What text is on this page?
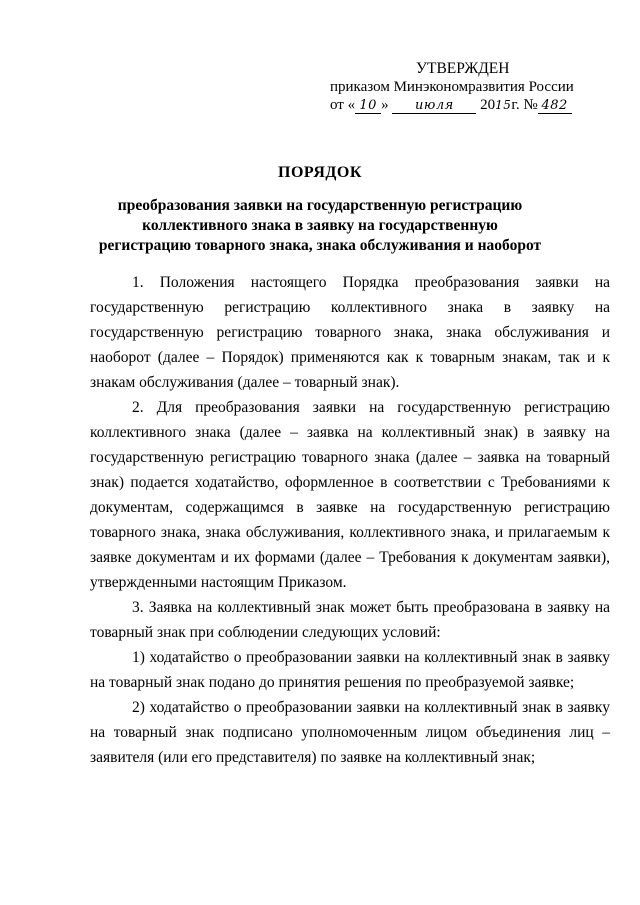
УТВЕРЖДЕН
приказом Минэкономразвития России
от « 10 » июля 2015г. № 482
ПОРЯДОК
преобразования заявки на государственную регистрацию коллективного знака в заявку на государственную регистрацию товарного знака, знака обслуживания и наоборот

1. Положения настоящего Порядка преобразования заявки на государственную регистрацию коллективного знака в заявку на государственную регистрацию товарного знака, знака обслуживания и наоборот (далее – Порядок) применяются как к товарным знакам, так и к знакам обслуживания (далее – товарный знак).

2. Для преобразования заявки на государственную регистрацию коллективного знака (далее – заявка на коллективный знак) в заявку на государственную регистрацию товарного знака (далее – заявка на товарный знак) подается ходатайство, оформленное в соответствии с Требованиями к документам, содержащимся в заявке на государственную регистрацию товарного знака, знака обслуживания, коллективного знака, и прилагаемым к заявке документам и их формами (далее – Требования к документам заявки), утвержденными настоящим Приказом.

3. Заявка на коллективный знак может быть преобразована в заявку на товарный знак при соблюдении следующих условий:

1) ходатайство о преобразовании заявки на коллективный знак в заявку на товарный знак подано до принятия решения по преобразуемой заявке;

2) ходатайство о преобразовании заявки на коллективный знак в заявку на товарный знак подписано уполномоченным лицом объединения лиц – заявителя (или его представителя) по заявке на коллективный знак;
